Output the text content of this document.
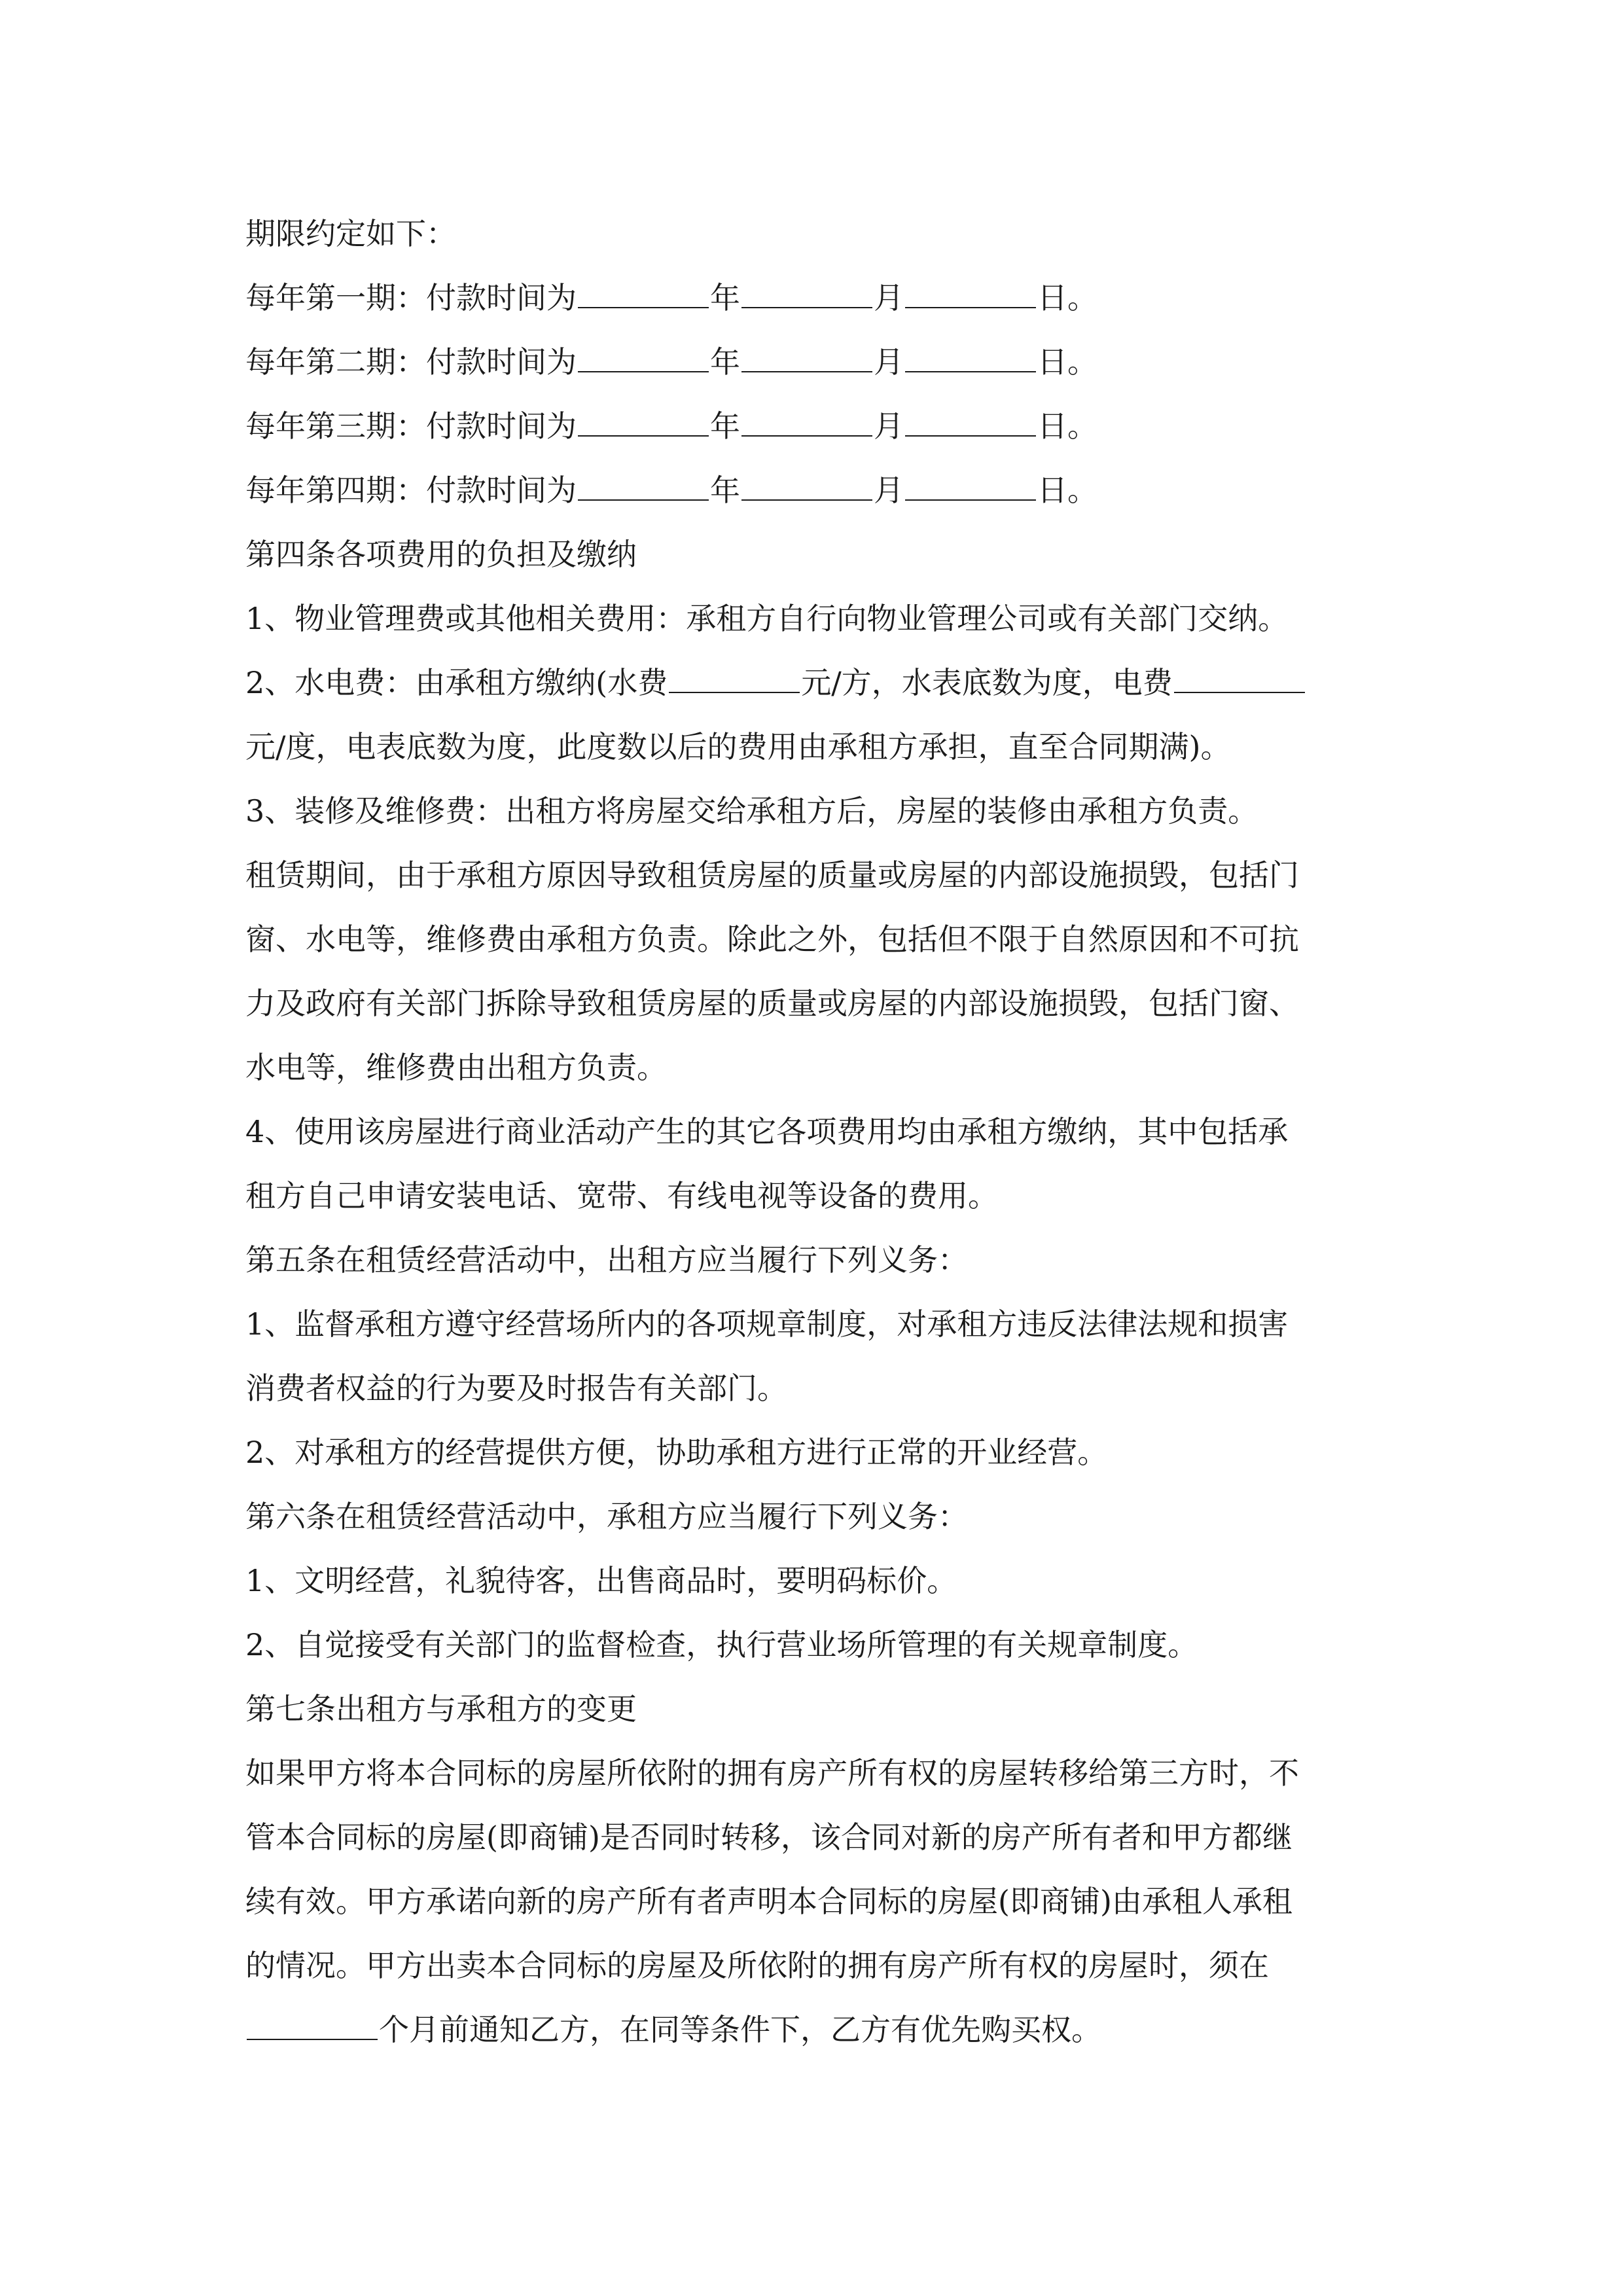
期限约定如下：
每年第一期：付款时间为	年	月	日。
每年第二期：付款时间为	年	月	日。
每年第三期：付款时间为	年	月	日。
每年第四期：付款时间为	年	月	日。
第四条各项费用的负担及缴纳
1、物业管理费或其他相关费用：承租方自行向物业管理公司或有关部门交纳。
2、水电费：由承租方缴纳(水费	元/方，水表底数为度，电费
元/度，电表底数为度，此度数以后的费用由承租方承担，直至合同期满)。
3、装修及维修费：出租方将房屋交给承租方后，房屋的装修由承租方负责。
租赁期间，由于承租方原因导致租赁房屋的质量或房屋的内部设施损毁，包括门
窗、水电等，维修费由承租方负责。除此之外，包括但不限于自然原因和不可抗
力及政府有关部门拆除导致租赁房屋的质量或房屋的内部设施损毁，包括门窗、
水电等，维修费由出租方负责。
4、使用该房屋进行商业活动产生的其它各项费用均由承租方缴纳，其中包括承
租方自己申请安装电话、宽带、有线电视等设备的费用。
第五条在租赁经营活动中，出租方应当履行下列义务：
1、监督承租方遵守经营场所内的各项规章制度，对承租方违反法律法规和损害
消费者权益的行为要及时报告有关部门。
2、对承租方的经营提供方便，协助承租方进行正常的开业经营。
第六条在租赁经营活动中，承租方应当履行下列义务：
1、文明经营，礼貌待客，出售商品时，要明码标价。
2、自觉接受有关部门的监督检查，执行营业场所管理的有关规章制度。
第七条出租方与承租方的变更
如果甲方将本合同标的房屋所依附的拥有房产所有权的房屋转移给第三方时，不
管本合同标的房屋(即商铺)是否同时转移，该合同对新的房产所有者和甲方都继
续有效。甲方承诺向新的房产所有者声明本合同标的房屋(即商铺)由承租人承租
的情况。甲方出卖本合同标的房屋及所依附的拥有房产所有权的房屋时，须在
个月前通知乙方，在同等条件下，乙方有优先购买权。
